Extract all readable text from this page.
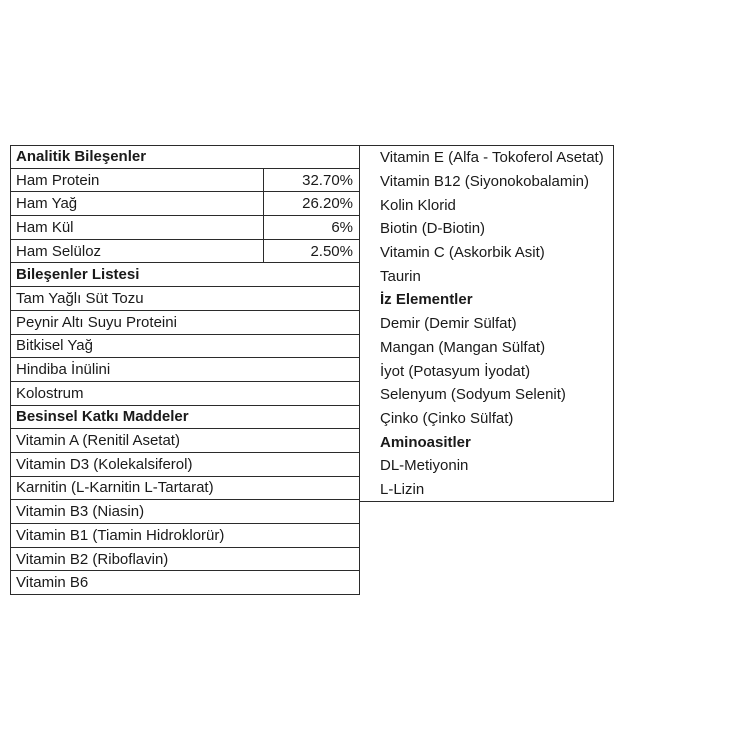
Analitik Bileşenler
Ham Protein	32.70%
Ham Yağ	26.20%
Ham Kül	6%
Ham Selüloz	2.50%
Bileşenler Listesi
Tam Yağlı Süt Tozu
Peynir Altı Suyu Proteini
Bitkisel Yağ
Hindiba İnülini
Kolostrum
Besinsel Katkı Maddeler
Vitamin A (Renitil Asetat)
Vitamin D3 (Kolekalsiferol)
Karnitin (L-Karnitin L-Tartarat)
Vitamin B3 (Niasin)
Vitamin B1 (Tiamin Hidroklorür)
Vitamin B2 (Riboflavin)
Vitamin B6
Vitamin E (Alfa - Tokoferol Asetat)
Vitamin B12 (Siyonokobalamin)
Kolin Klorid
Biotin (D-Biotin)
Vitamin C (Askorbik Asit)
Taurin
İz Elementler
Demir (Demir Sülfat)
Mangan (Mangan Sülfat)
İyot (Potasyum İyodat)
Selenyum (Sodyum Selenit)
Çinko (Çinko Sülfat)
Aminoasitler
DL-Metiyonin
L-Lizin
